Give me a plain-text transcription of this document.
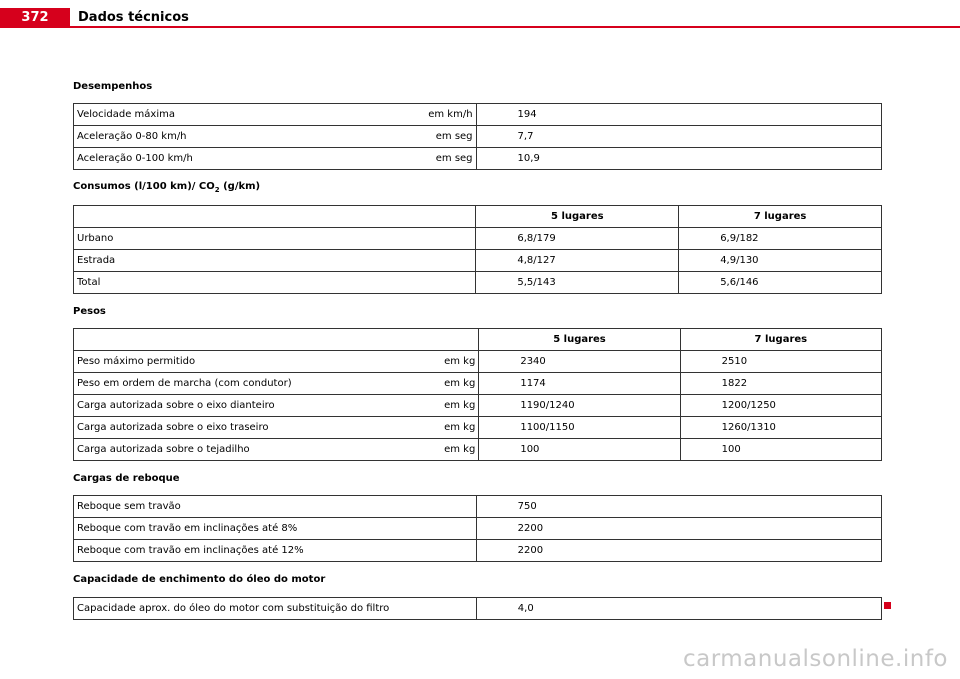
372	Dados técnicos
Desempenhos
Velocidade máxima em km/h	194
Aceleração 0-80 km/h em seg	7,7
Aceleração 0-100 km/h em seg	10,9
Consumos (l/100 km)/ $CO_2$ (g/km)
	5 lugares	7 lugares
Urbano	6,8/179	6,9/182
Estrada	4,8/127	4,9/130
Total	5,5/143	5,6/146
Pesos
		5 lugares	7 lugares
Peso máximo permitido	em kg	2340	2510
Peso em ordem de marcha (com condutor)	em kg	1174	1822
Carga autorizada sobre o eixo dianteiro	em kg	1190/1240	1200/1250
Carga autorizada sobre o eixo traseiro	em kg	1100/1150	1260/1310
Carga autorizada sobre o tejadilho	em kg	100	100
Cargas de reboque
Reboque sem travão	750
Reboque com travão em inclinações até 8%	2200
Reboque com travão em inclinações até 12%	2200
Capacidade de enchimento do óleo do motor
Capacidade aprox. do óleo do motor com substituição do filtro	4,0
carmanualsonline.info
